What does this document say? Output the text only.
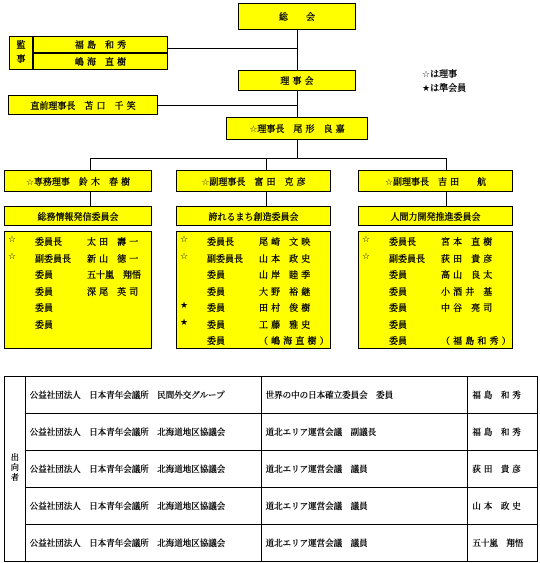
総　　会
監
事
福 島　和 秀
嶋 海　直 樹
理 事 会
☆は理事
★は準会員
直前理事長　苫 口　千 笑
☆理事長　尾 形　良 嘉
☆専務理事　鈴 木　春 樹	☆副理事長　富 田　克 彦	☆副理事長　吉 田　　航
総務情報発信委員会	誇れるまち創造委員会	人間力開発推進委員会
☆ 委員長	太 田　壽 一
☆ 副委員長 新 山　徳 一
委員	五十嵐　翔悟
委員	深 尾　英 司
委員
委員
☆ 委員長	尾 崎　文 映
☆ 副委員長 山 本　政 史
委員	山 岸　睦 季
委員	大 野　裕 継
★ 委員	田 村　俊 樹
★ 委員	工 藤　雅 史
委員	（ 嶋 海 直 樹 ）
☆ 委員長	宮 本　直 樹
☆ 副委員長 荻 田　貴 彦
委員	高 山　良 太
委員	小 酒 井　基
委員	中 谷　亮 司
委員
委員	（ 福 島 和 秀 ）
出向者	公益社団法人　日本青年会議所　民間外交グループ	世界の中の日本確立委員会　委員	福 島　和 秀
	公益社団法人　日本青年会議所　北海道地区協議会	道北エリア運営会議　副議長	福 島　和 秀
	公益社団法人　日本青年会議所　北海道地区協議会	道北エリア運営会議　議員	荻 田　貴 彦
	公益社団法人　日本青年会議所　北海道地区協議会	道北エリア運営会議　議員	山 本　政 史
	公益社団法人　日本青年会議所　北海道地区協議会	道北エリア運営会議　議員	五十嵐　翔悟
